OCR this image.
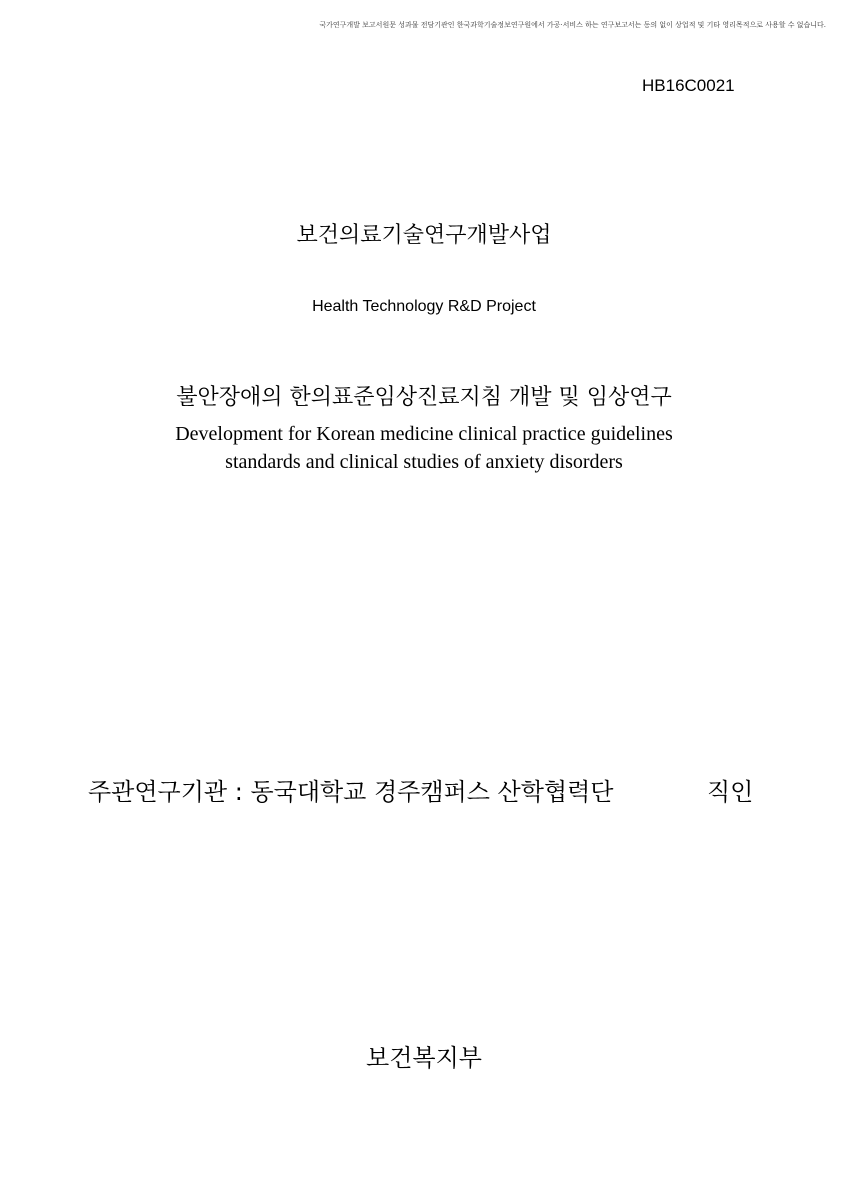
국가연구개발 보고서원문 성과물 전담기관인 한국과학기술정보연구원에서 가공·서비스 하는 연구보고서는 동의 없이 상업적 및 기타 영리목적으로 사용할 수 없습니다.
HB16C0021
보건의료기술연구개발사업
Health Technology R&D Project
불안장애의 한의표준임상진료지침 개발 및 임상연구
Development for Korean medicine clinical practice guidelines
standards and clinical studies of anxiety disorders
주관연구기관 : 동국대학교 경주캠퍼스 산학협력단	직인
보건복지부
